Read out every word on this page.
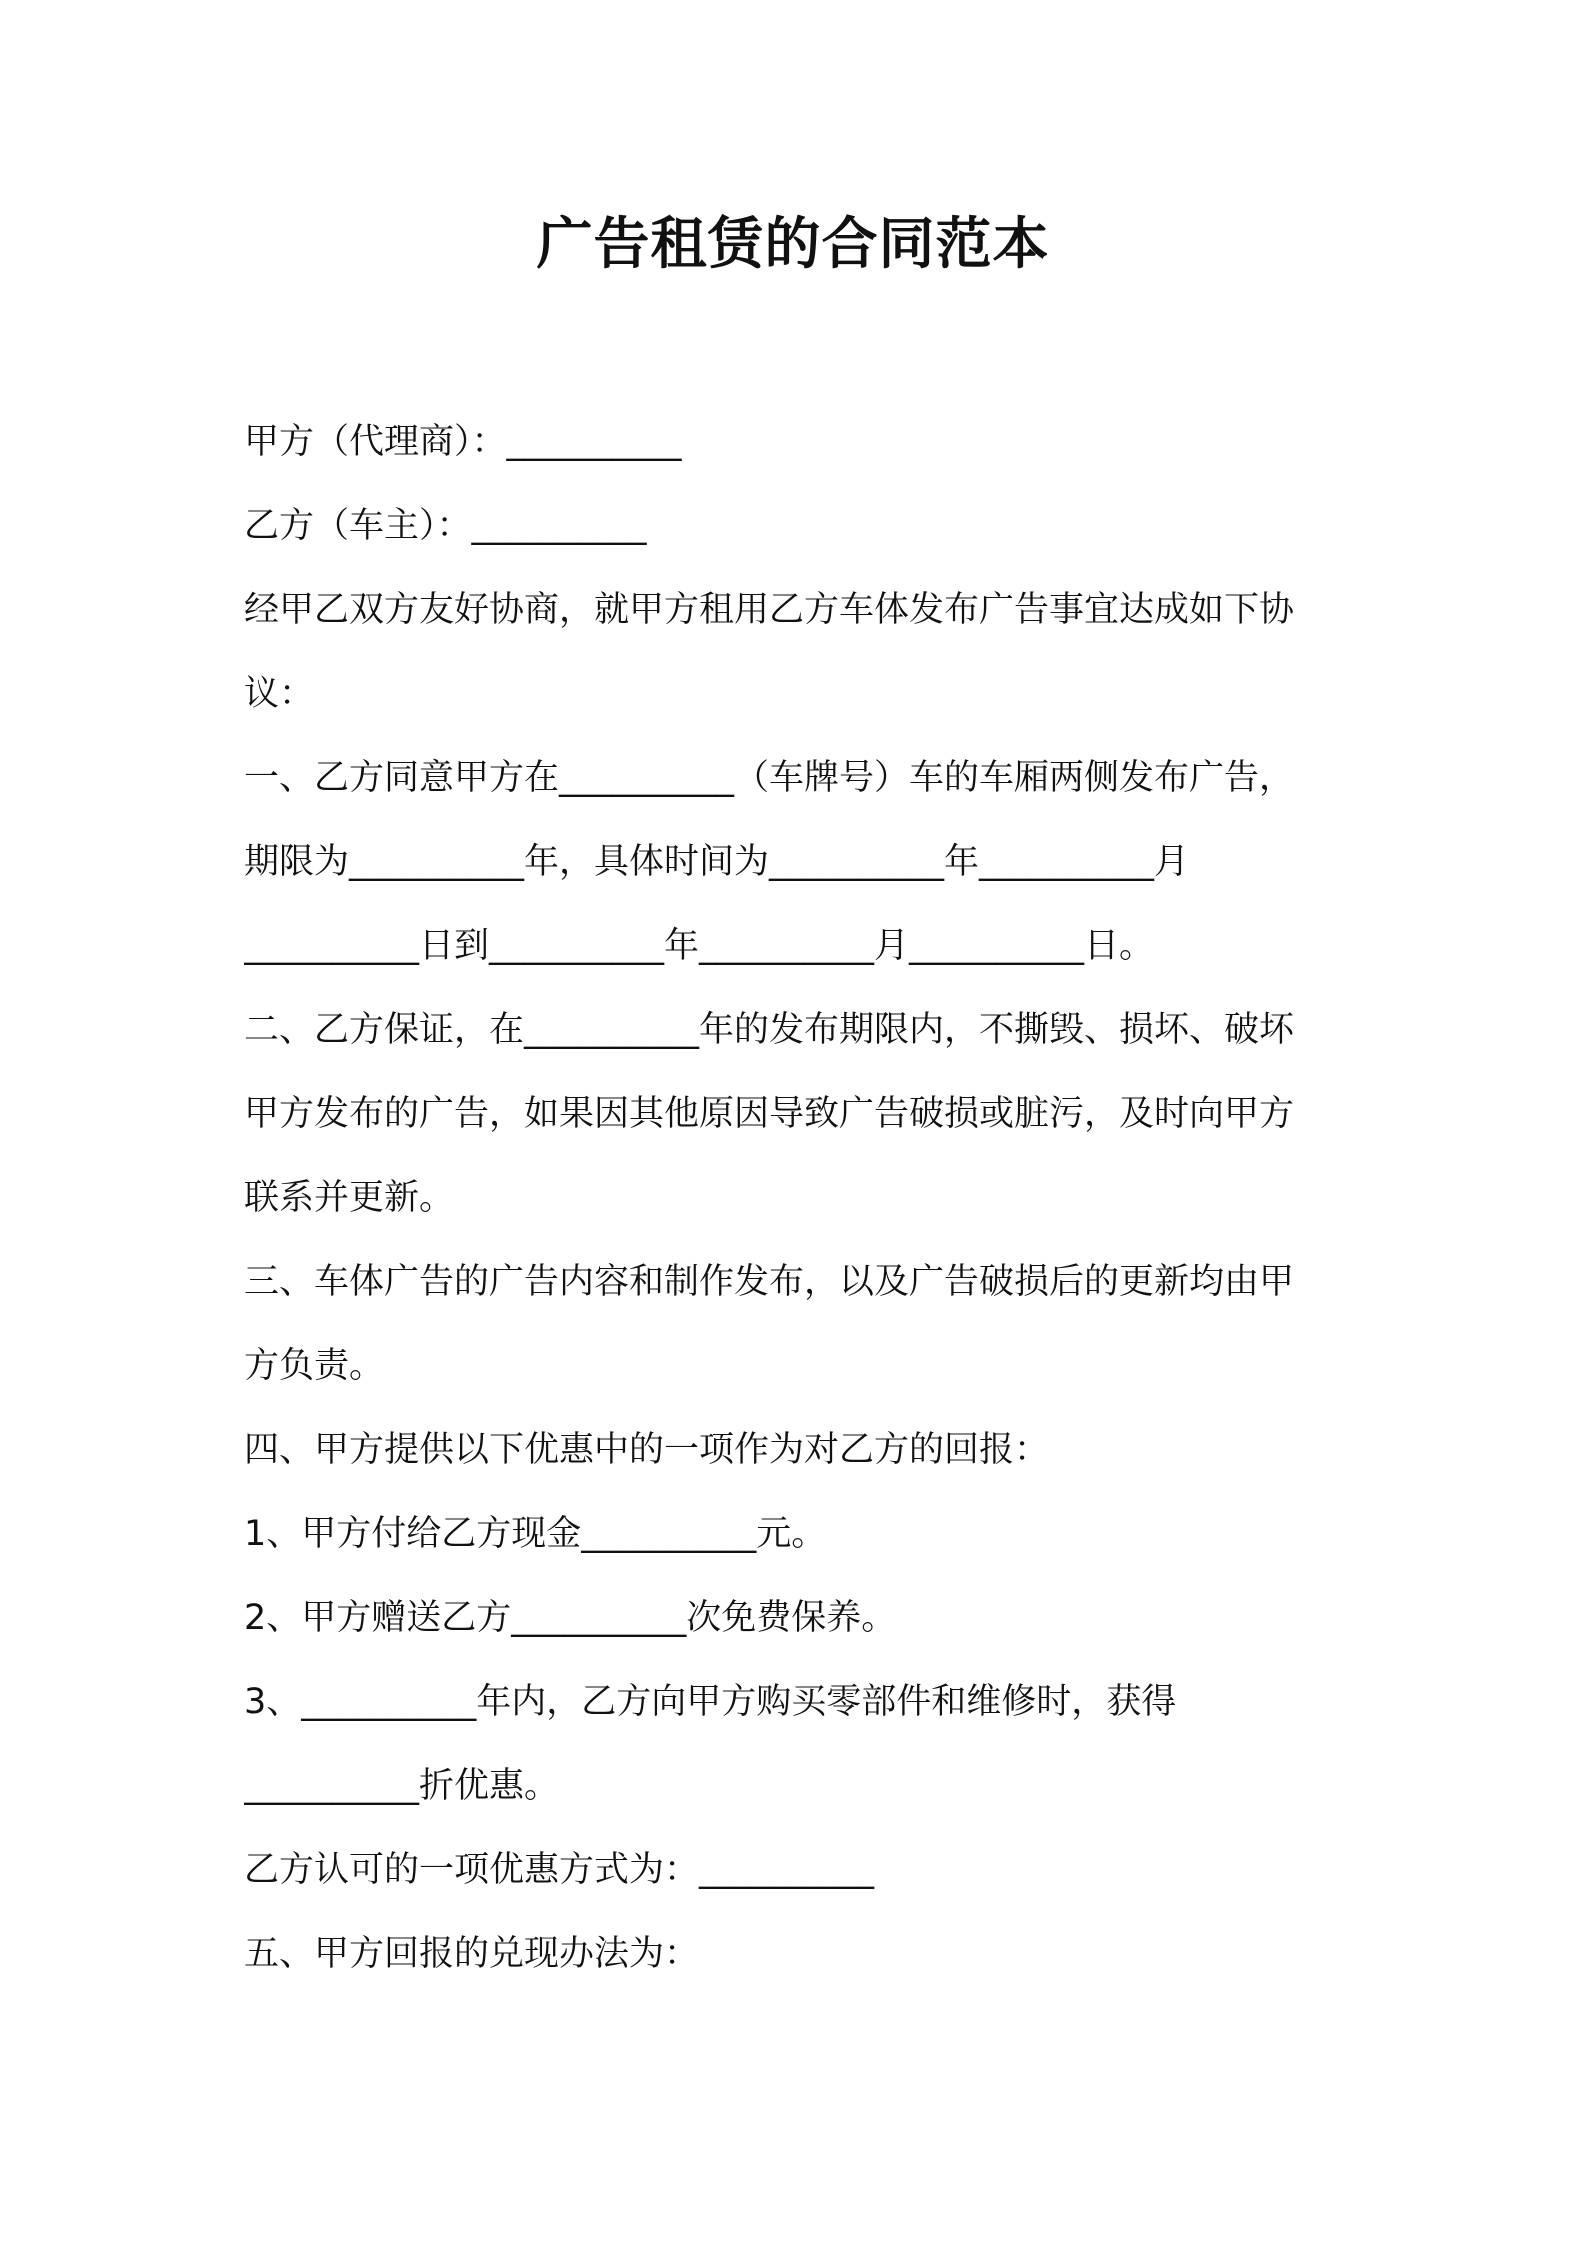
广告租赁的合同范本
甲方（代理商）：__________
乙方（车主）：__________
经甲乙双方友好协商，就甲方租用乙方车体发布广告事宜达成如下协
议：
一、乙方同意甲方在__________（车牌号）车的车厢两侧发布广告，
期限为__________年，具体时间为__________年__________月
__________日到__________年__________月__________日。
二、乙方保证，在__________年的发布期限内，不撕毁、损坏、破坏
甲方发布的广告，如果因其他原因导致广告破损或脏污，及时向甲方
联系并更新。
三、车体广告的广告内容和制作发布，以及广告破损后的更新均由甲
方负责。
四、甲方提供以下优惠中的一项作为对乙方的回报：
1、甲方付给乙方现金__________元。
2、甲方赠送乙方__________次免费保养。
3、__________年内，乙方向甲方购买零部件和维修时，获得
__________折优惠。
乙方认可的一项优惠方式为：__________
五、甲方回报的兑现办法为：
